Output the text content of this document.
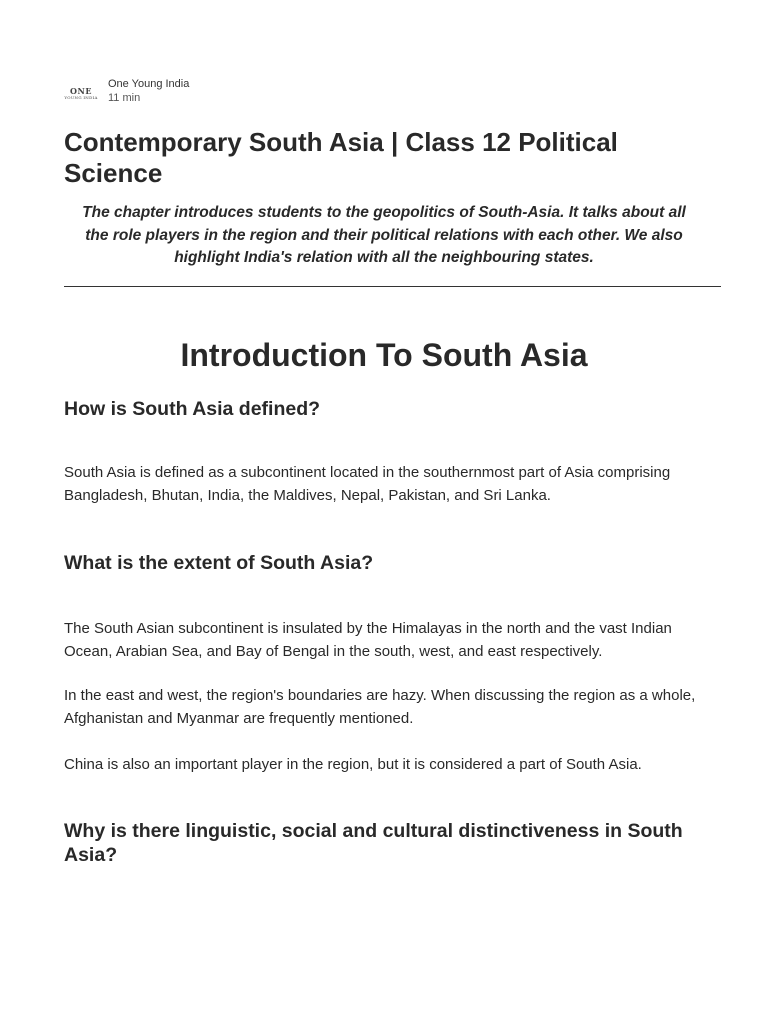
ONE
YOUNG INDIA
One Young India
11 min
Contemporary South Asia | Class 12 Political Science

The chapter introduces students to the geopolitics of South-Asia. It talks about all the role players in the region and their political relations with each other. We also highlight India's relation with all the neighbouring states.

Introduction To South Asia
How is South Asia defined?

South Asia is defined as a subcontinent located in the southernmost part of Asia comprising Bangladesh, Bhutan, India, the Maldives, Nepal, Pakistan, and Sri Lanka.

What is the extent of South Asia?

The South Asian subcontinent is insulated by the Himalayas in the north and the vast Indian Ocean, Arabian Sea, and Bay of Bengal in the south, west, and east respectively.

In the east and west, the region's boundaries are hazy. When discussing the region as a whole, Afghanistan and Myanmar are frequently mentioned.

China is also an important player in the region, but it is considered a part of South Asia.

Why is there linguistic, social and cultural distinctiveness in South Asia?
